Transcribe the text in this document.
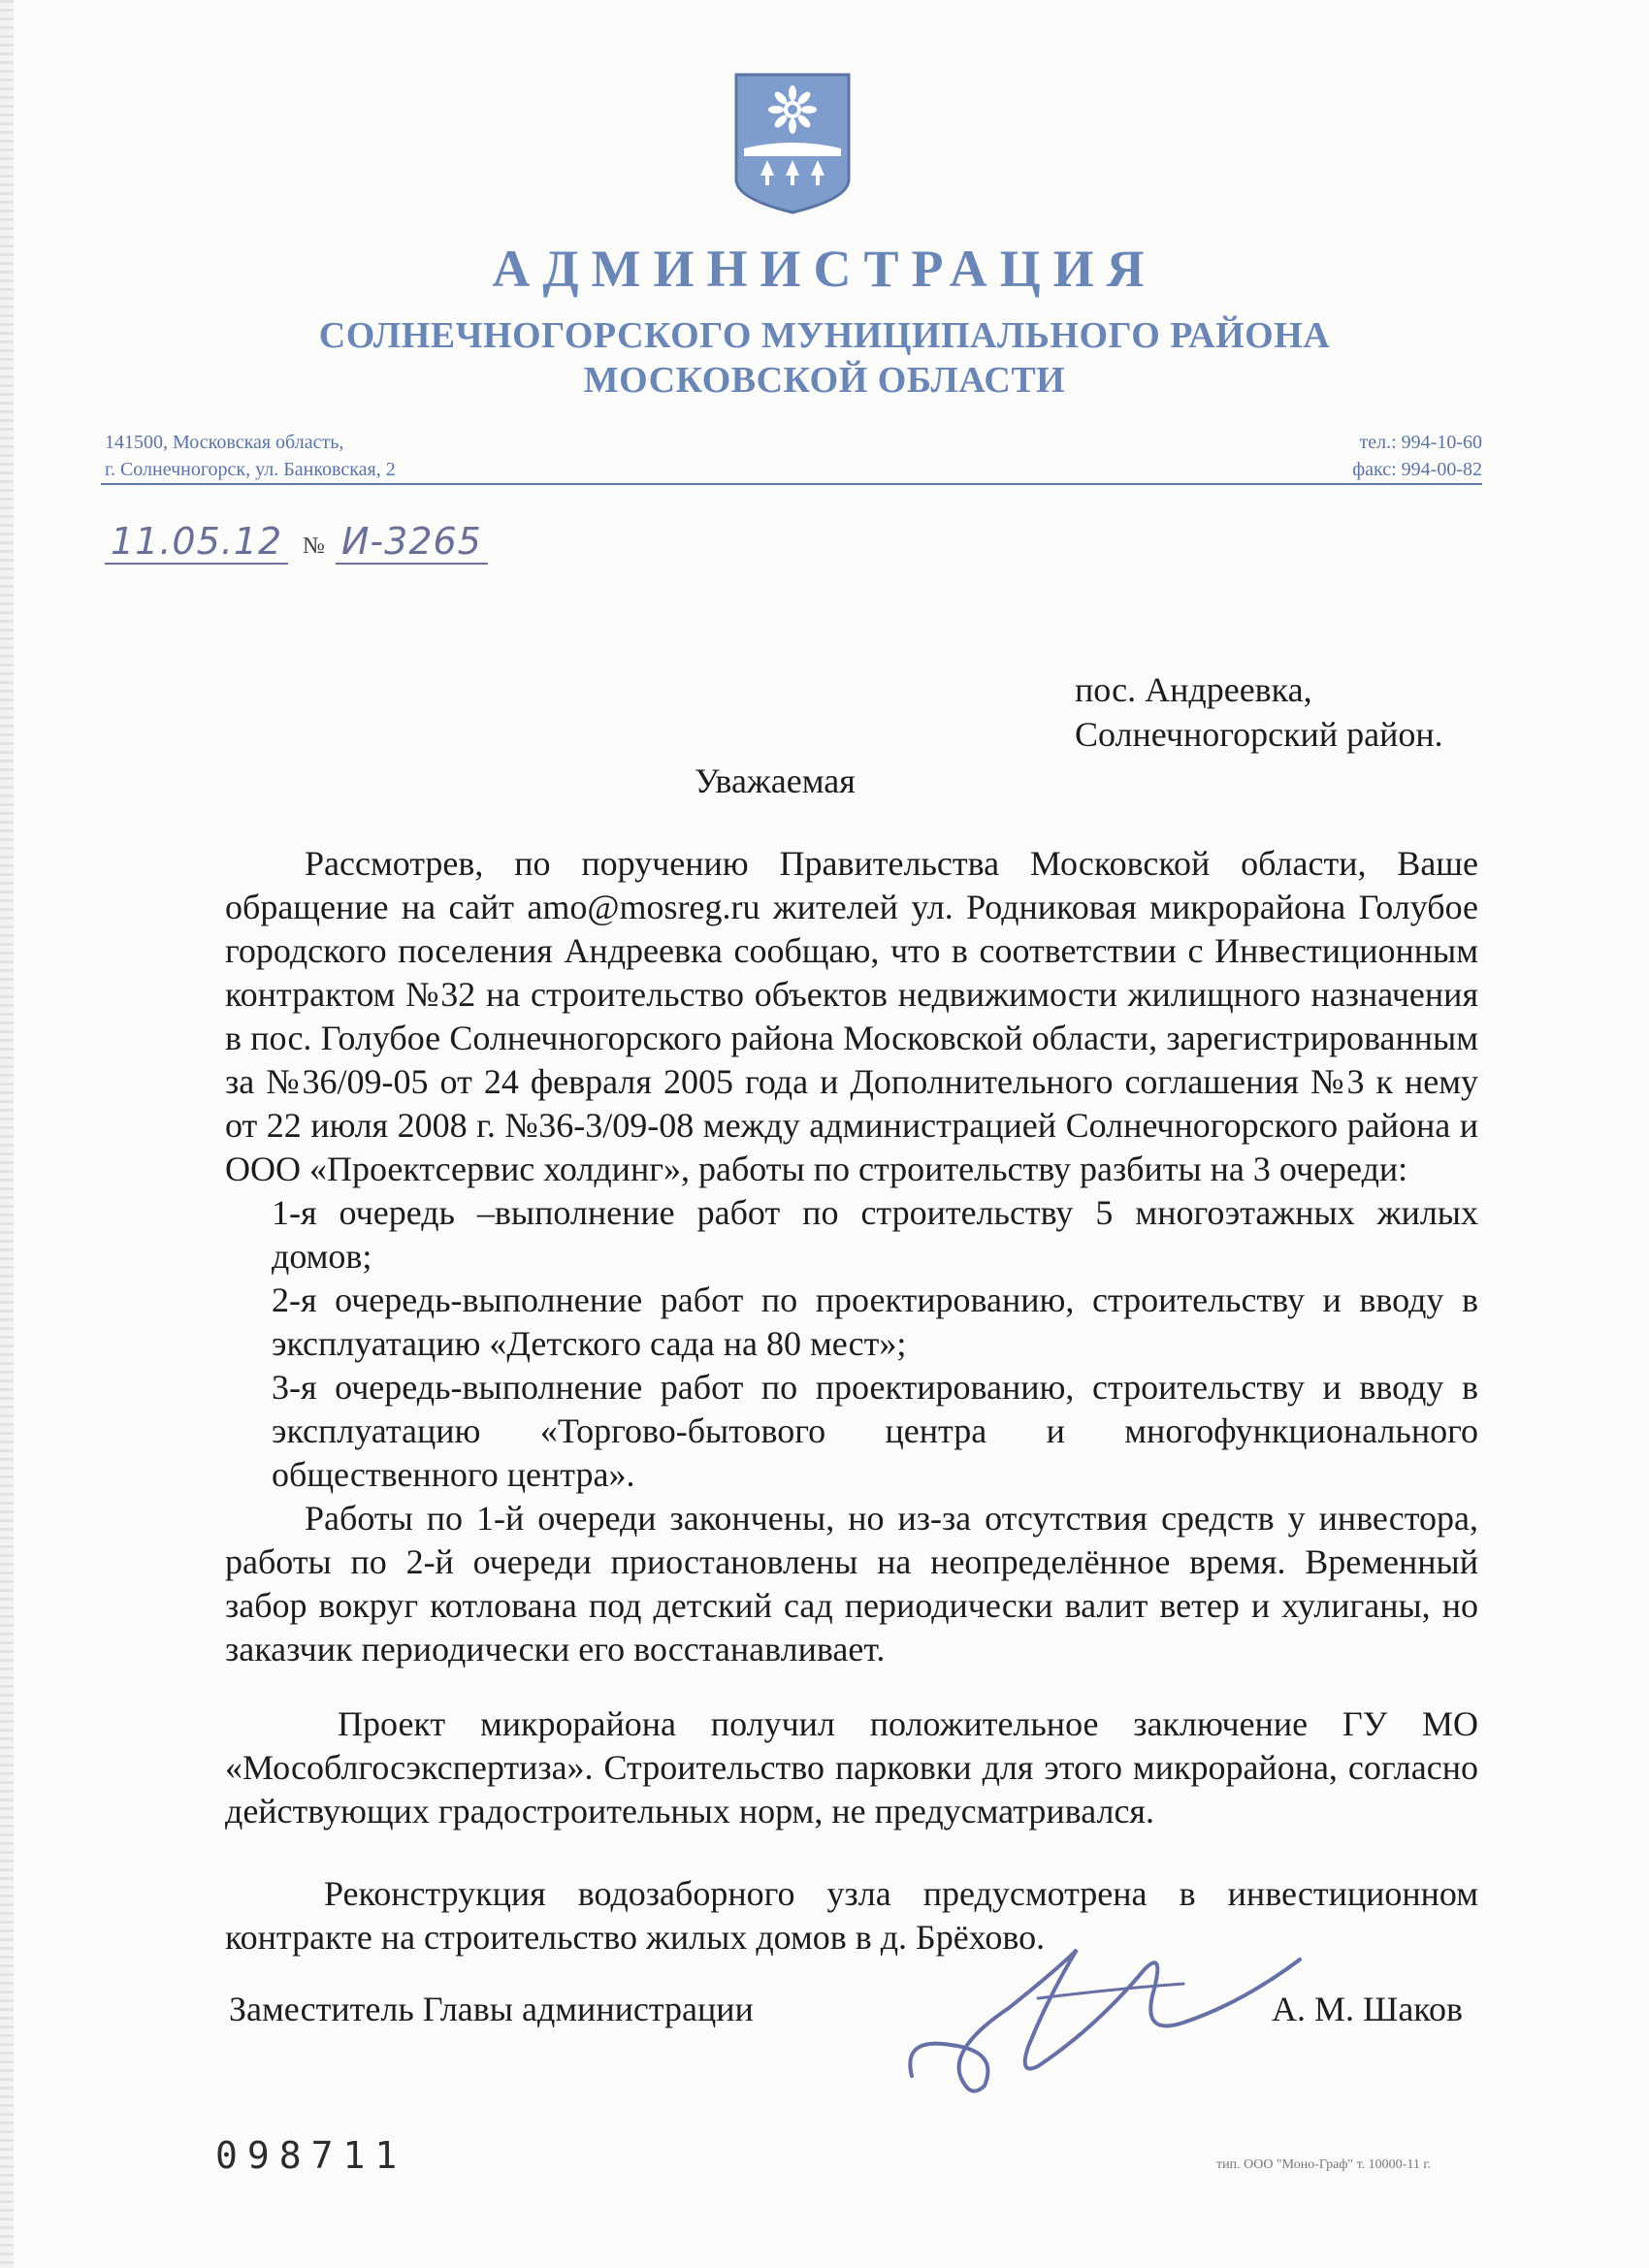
АДМИНИСТРАЦИЯ
СОЛНЕЧНОГОРСКОГО МУНИЦИПАЛЬНОГО РАЙОНА
МОСКОВСКОЙ ОБЛАСТИ
141500, Московская область,
г. Солнечногорск, ул. Банковская, 2
тел.: 994-10-60
факс: 994-00-82
11.05.12 № И-3265
пос. Андреевка,
Солнечногорский район.
Уважаемая

Рассмотрев, по поручению Правительства Московской области, Ваше обращение на сайт amo@mosreg.ru жителей ул. Родниковая микрорайона Голубое городского поселения Андреевка сообщаю, что в соответствии с Инвестиционным контрактом №32 на строительство объектов недвижимости жилищного назначения в пос. Голубое Солнечногорского района Московской области, зарегистрированным за №36/09-05 от 24 февраля 2005 года и Дополнительного соглашения №3 к нему от 22 июля 2008 г. №36-3/09-08 между администрацией Солнечногорского района и ООО «Проектсервис холдинг», работы по строительству разбиты на 3 очереди:

1-я очередь –выполнение работ по строительству 5 многоэтажных жилых домов;

2-я очередь-выполнение работ по проектированию, строительству и вводу в эксплуатацию «Детского сада на 80 мест»;

3-я очередь-выполнение работ по проектированию, строительству и вводу в эксплуатацию «Торгово-бытового центра и многофункционального общественного центра».

Работы по 1-й очереди закончены, но из-за отсутствия средств у инвестора, работы по 2-й очереди приостановлены на неопределённое время. Временный забор вокруг котлована под детский сад периодически валит ветер и хулиганы, но заказчик периодически его восстанавливает.

Проект микрорайона получил положительное заключение ГУ МО «Мособлгосэкспертиза». Строительство парковки для этого микрорайона, согласно действующих градостроительных норм, не предусматривался.

Реконструкция водозаборного узла предусмотрена в инвестиционном контракте на строительство жилых домов в д. Брёхово.

Заместитель Главы администрации	А. М. Шаков
098711	тип. ООО "Моно-Граф" т. 10000-11 г.
